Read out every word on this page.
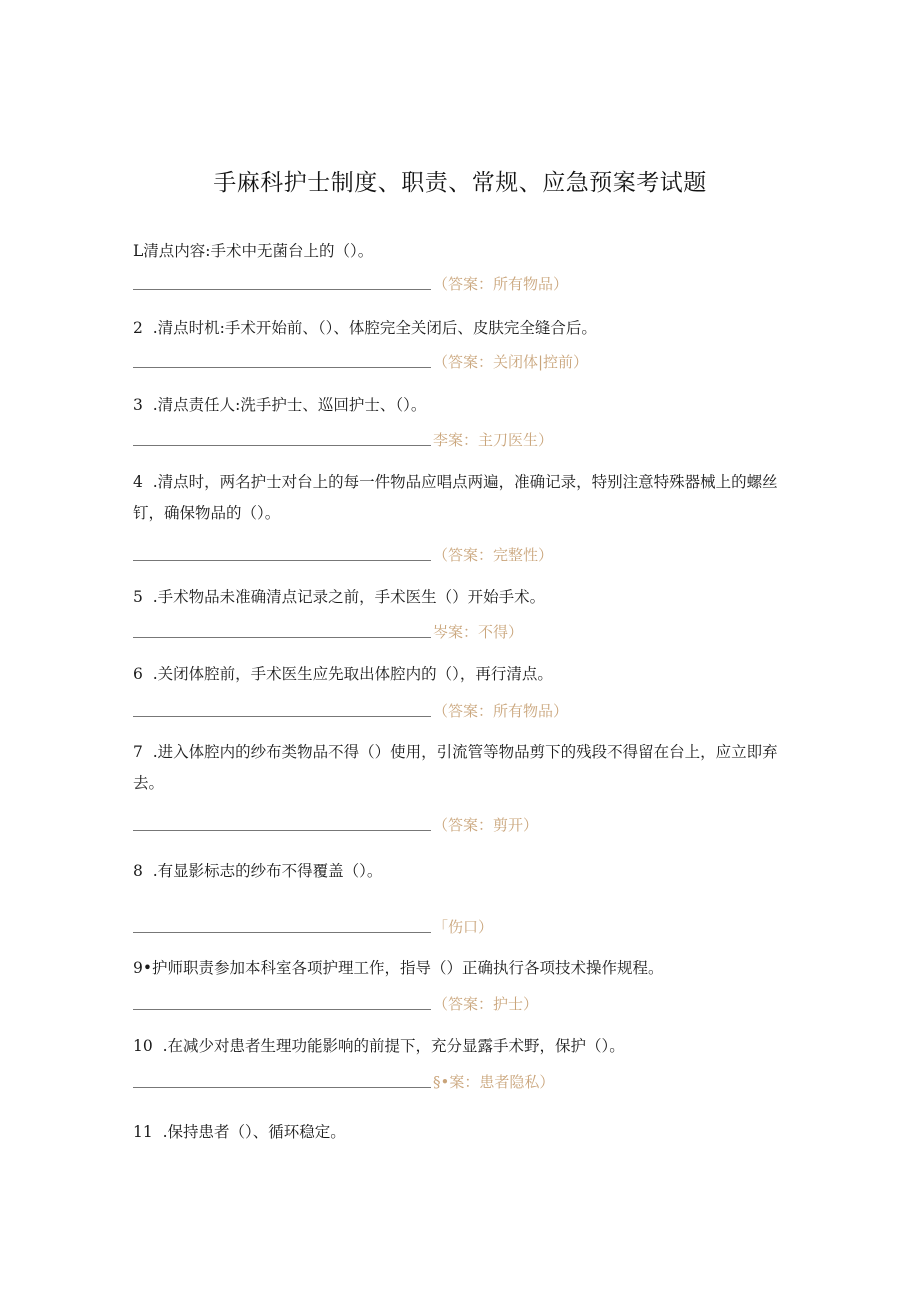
手麻科护士制度、职责、常规、应急预案考试题
L清点内容:手术中无菌台上的（）。
（答案：所有物品）
2  .清点时机:手术开始前、（）、体腔完全关闭后、皮肤完全缝合后。
（答案：关闭体|控前）
3  .清点责任人:洗手护士、巡回护士、（）。
李案：主刀医生）
4  .清点时，两名护士对台上的每一件物品应唱点两遍，准确记录，特别注意特殊器械上的螺丝钉，确保物品的（）。
（答案：完整性）
5  .手术物品未准确清点记录之前，手术医生（）开始手术。
岑案：不得）
6  .关闭体腔前，手术医生应先取出体腔内的（），再行清点。
（答案：所有物品）
7  .进入体腔内的纱布类物品不得（）使用，引流管等物品剪下的残段不得留在台上，应立即弃去。
（答案：剪开）
8  .有显影标志的纱布不得覆盖（）。
「伤口）
9•护师职责参加本科室各项护理工作，指导（）正确执行各项技术操作规程。
（答案：护士）
10  .在减少对患者生理功能影响的前提下，充分显露手术野，保护（）。
§•案：患者隐私）
11  .保持患者（）、循环稳定。
